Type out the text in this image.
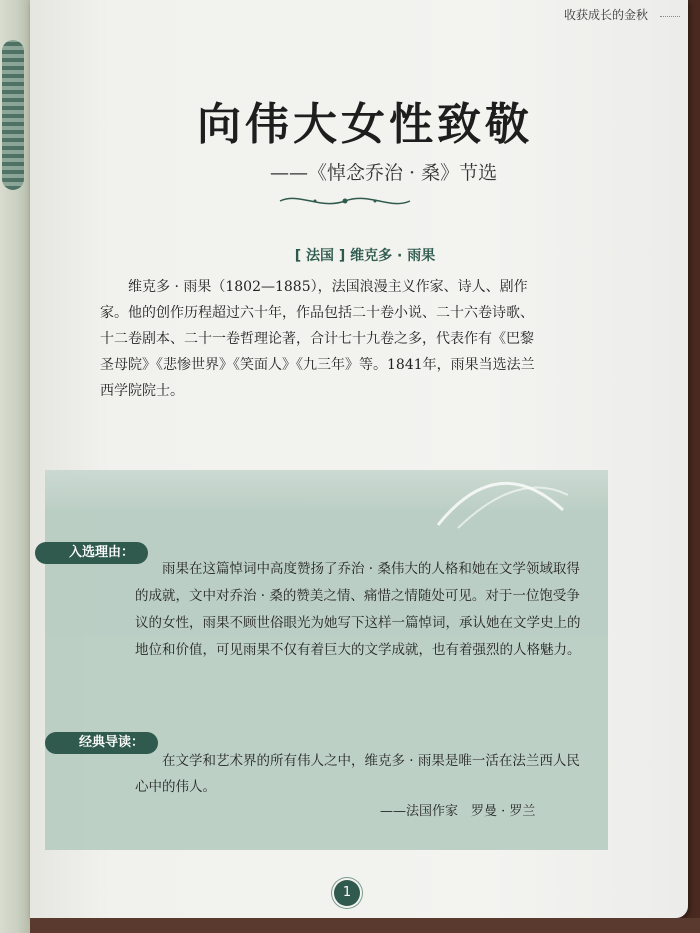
收获成长的金秋
向伟大女性致敬
——《悼念乔治 · 桑》节选
[ 法国 ] 维克多 · 雨果

维克多 · 雨果（1802—1885），法国浪漫主义作家、诗人、剧作家。他的创作历程超过六十年，作品包括二十卷小说、二十六卷诗歌、十二卷剧本、二十一卷哲理论著，合计七十九卷之多，代表作有《巴黎圣母院》《悲惨世界》《笑面人》《九三年》等。1841年，雨果当选法兰西学院院士。

入选理由：

雨果在这篇悼词中高度赞扬了乔治 · 桑伟大的人格和她在文学领域取得的成就，文中对乔治 · 桑的赞美之情、痛惜之情随处可见。对于一位饱受争议的女性，雨果不顾世俗眼光为她写下这样一篇悼词，承认她在文学史上的地位和价值，可见雨果不仅有着巨大的文学成就，也有着强烈的人格魅力。

经典导读：

在文学和艺术界的所有伟人之中，维克多 · 雨果是唯一活在法兰西人民心中的伟人。

——法国作家　罗曼 · 罗兰
1
